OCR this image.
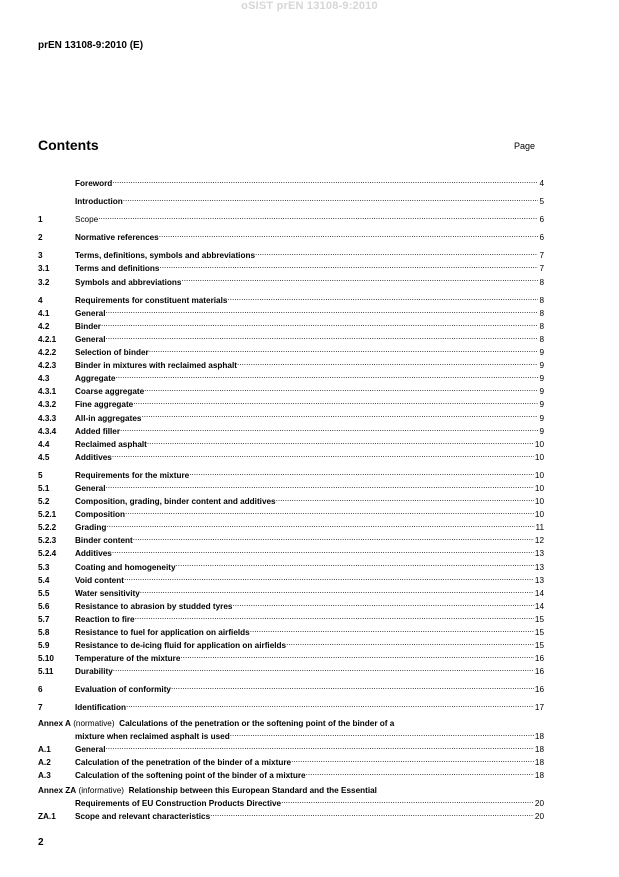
oSIST prEN 13108-9:2010
prEN 13108-9:2010 (E)
Contents	Page
Foreword .....	4
Introduction .....	5
1	Scope .....	6
2	Normative references .....	6
3	Terms, definitions, symbols and abbreviations .....	7
3.1	Terms and definitions .....	7
3.2	Symbols and abbreviations .....	8
4	Requirements for constituent materials .....	8
4.1	General .....	8
4.2	Binder .....	8
4.2.1	General .....	8
4.2.2	Selection of binder .....	9
4.2.3	Binder in mixtures with reclaimed asphalt .....	9
4.3	Aggregate .....	9
4.3.1	Coarse aggregate .....	9
4.3.2	Fine aggregate .....	9
4.3.3	All-in aggregates .....	9
4.3.4	Added filler .....	9
4.4	Reclaimed asphalt .....	10
4.5	Additives .....	10
5	Requirements for the mixture .....	10
5.1	General .....	10
5.2	Composition, grading, binder content and additives .....	10
5.2.1	Composition .....	10
5.2.2	Grading .....	11
5.2.3	Binder content .....	12
5.2.4	Additives .....	13
5.3	Coating and homogeneity .....	13
5.4	Void content .....	13
5.5	Water sensitivity .....	14
5.6	Resistance to abrasion by studded tyres .....	14
5.7	Reaction to fire .....	15
5.8	Resistance to fuel for application on airfields .....	15
5.9	Resistance to de-icing fluid for application on airfields .....	15
5.10	Temperature of the mixture .....	16
5.11	Durability .....	16
6	Evaluation of conformity .....	16
7	Identification .....	17
Annex A (normative) Calculations of the penetration or the softening point of the binder of a
mixture when reclaimed asphalt is used .....	18
A.1	General .....	18
A.2	Calculation of the penetration of the binder of a mixture .....	18
A.3	Calculation of the softening point of the binder of a mixture .....	18
Annex ZA (informative) Relationship between this European Standard and the Essential
Requirements of EU Construction Products Directive .....	20
ZA.1	Scope and relevant characteristics .....	20
2
